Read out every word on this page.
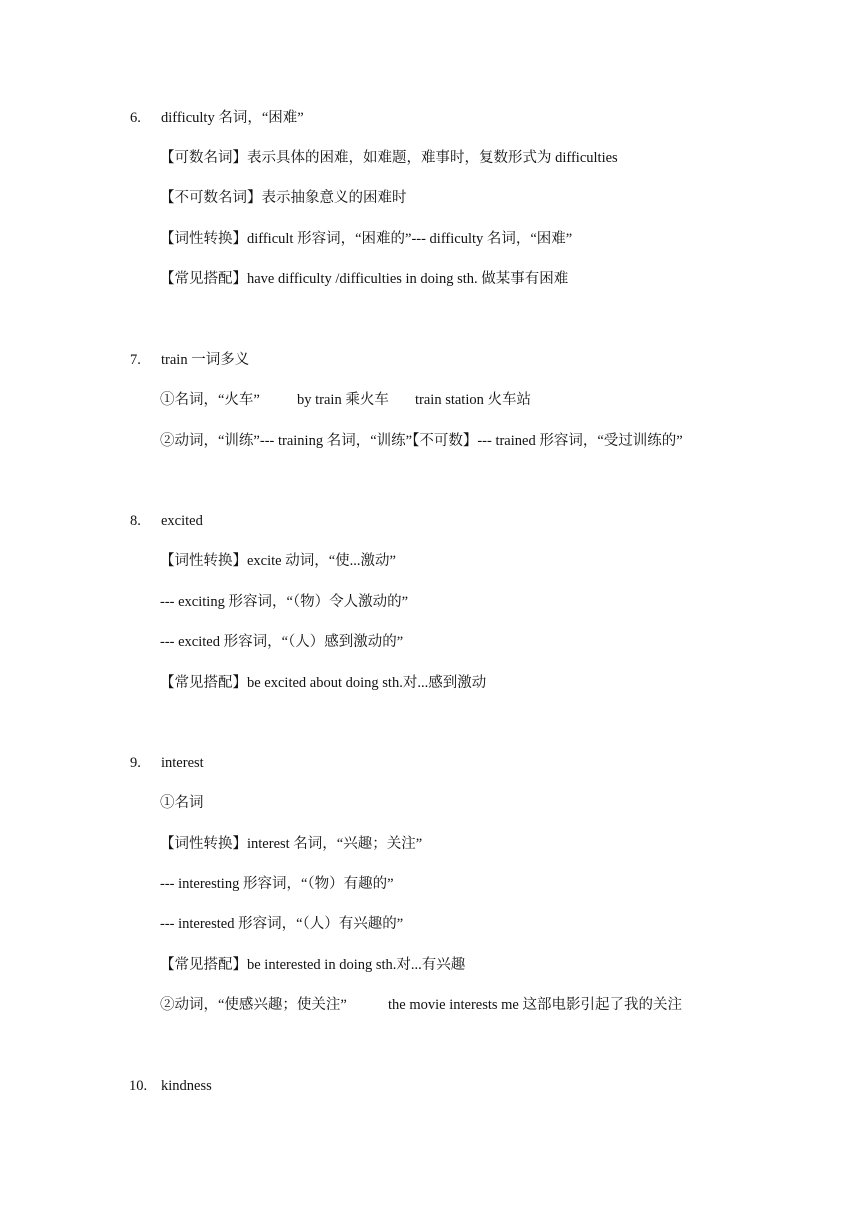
6. difficulty 名词，“困难”
【可数名词】表示具体的困难，如难题，难事时，复数形式为 difficulties
【不可数名词】表示抽象意义的困难时
【词性转换】difficult 形容词，“困难的”--- difficulty 名词，“困难”
【常见搭配】have difficulty /difficulties in doing sth. 做某事有困难
7. train 一词多义
①名词，“火车”	by train 乘火车 train station 火车站
②动词，“训练”--- training 名词，“训练”【不可数】--- trained 形容词，“受过训练的”
8. excited
【词性转换】excite 动词，“使...激动”
--- exciting 形容词，“（物）令人激动的”
--- excited 形容词，“（人）感到激动的”
【常见搭配】be excited about doing sth.对...感到激动
9. interest
①名词
【词性转换】interest 名词，“兴趣；关注”
--- interesting 形容词，“（物）有趣的”
--- interested 形容词，“（人）有兴趣的”
【常见搭配】be interested in doing sth.对...有兴趣
②动词，“使感兴趣；使关注”	the movie interests me 这部电影引起了我的关注
10. kindness
